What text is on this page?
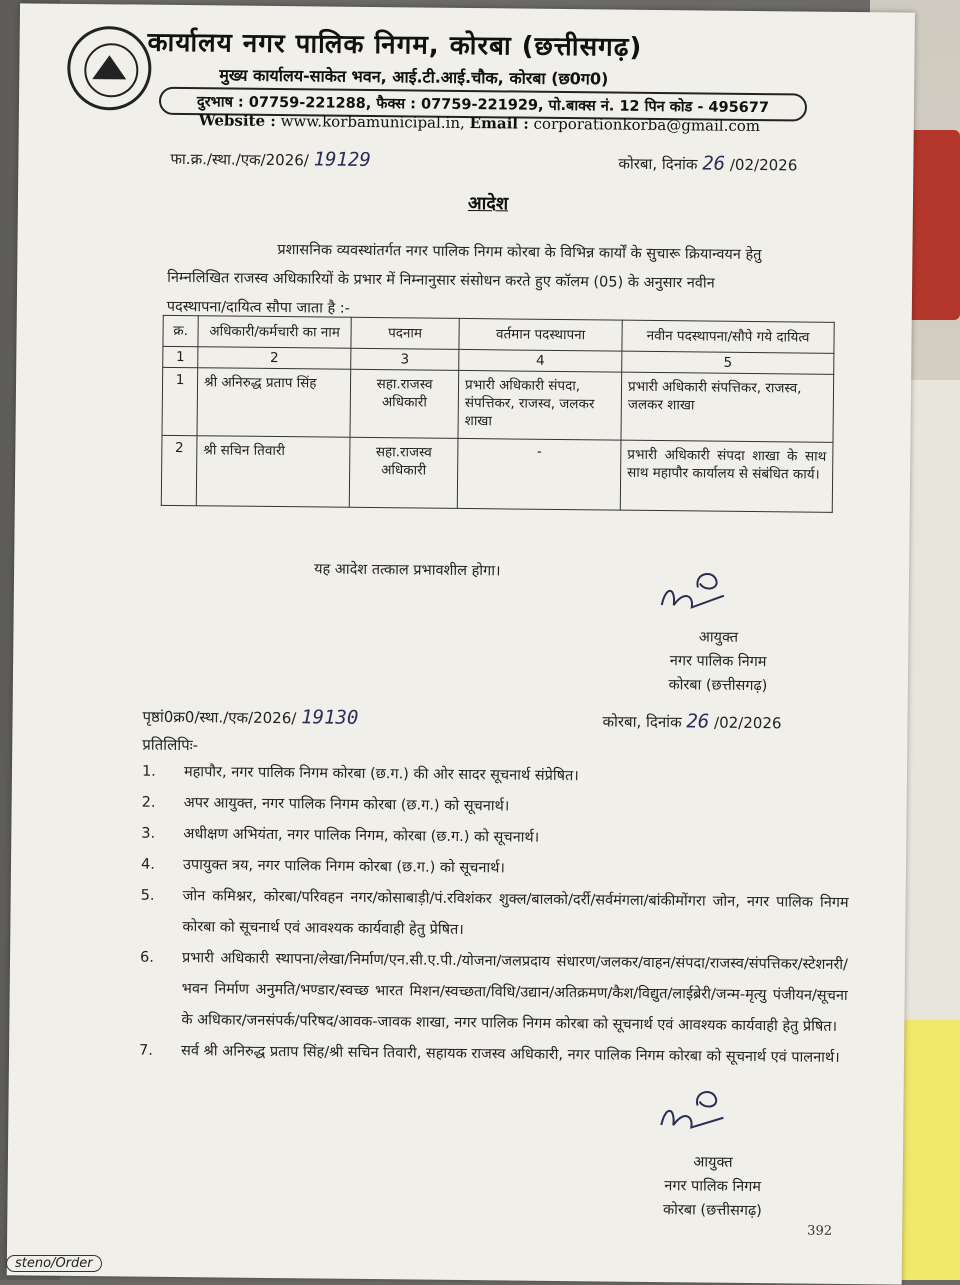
कार्यालय नगर पालिक निगम, कोरबा (छत्तीसगढ़)
मुख्य कार्यालय-साकेत भवन, आई.टी.आई.चौक, कोरबा (छ0ग0)
दुरभाष : 07759-221288, फैक्स : 07759-221929, पो.बाक्स नं. 12 पिन कोड - 495677
Website : www.korbamunicipal.in, Email : corporationkorba@gmail.com
फा.क्र./स्था./एक/2026/ 19129	कोरबा, दिनांक 26 /02/2026
आदेश
प्रशासनिक व्यवस्थांतर्गत नगर पालिक निगम कोरबा के विभिन्न कार्यों के सुचारू क्रियान्वयन हेतु
निम्नलिखित राजस्व अधिकारियों के प्रभार में निम्नानुसार संसोधन करते हुए कॉलम (05) के अनुसार नवीन
पदस्थापना/दायित्व सौपा जाता है :-
क्र.	अधिकारी/कर्मचारी का नाम	पदनाम	वर्तमान पदस्थापना	नवीन पदस्थापना/सौपे गये दायित्व
1	2	3	4	5
1	श्री अनिरुद्ध प्रताप सिंह	सहा.राजस्व अधिकारी	प्रभारी अधिकारी संपदा, संपत्तिकर, राजस्व, जलकर शाखा	प्रभारी अधिकारी संपत्तिकर, राजस्व, जलकर शाखा
2	श्री सचिन तिवारी	सहा.राजस्व अधिकारी	-	प्रभारी अधिकारी संपदा शाखा के साथ साथ महापौर कार्यालय से संबंधित कार्य।
यह आदेश तत्काल प्रभावशील होगा।
आयुक्त
नगर पालिक निगम
कोरबा (छत्तीसगढ़)
पृष्ठां0क्र0/स्था./एक/2026/ 19130	कोरबा, दिनांक 26 /02/2026
प्रतिलिपिः-
1. महापौर, नगर पालिक निगम कोरबा (छ.ग.) की ओर सादर सूचनार्थ संप्रेषित।
2. अपर आयुक्त, नगर पालिक निगम कोरबा (छ.ग.) को सूचनार्थ।
3. अधीक्षण अभियंता, नगर पालिक निगम, कोरबा (छ.ग.) को सूचनार्थ।
4. उपायुक्त त्रय, नगर पालिक निगम कोरबा (छ.ग.) को सूचनार्थ।
5. जोन कमिश्नर, कोरबा/परिवहन नगर/कोसाबाड़ी/पं.रविशंकर शुक्ल/बालको/दर्री/सर्वमंगला/बांकीमोंगरा जोन, नगर पालिक निगम कोरबा को सूचनार्थ एवं आवश्यक कार्यवाही हेतु प्रेषित।
6. प्रभारी अधिकारी स्थापना/लेखा/निर्माण/एन.सी.ए.पी./योजना/जलप्रदाय संधारण/जलकर/वाहन/संपदा/राजस्व/संपत्तिकर/स्टेशनरी/भवन निर्माण अनुमति/भण्डार/स्वच्छ भारत मिशन/स्वच्छता/विधि/उद्यान/अतिक्रमण/कैश/विद्युत/लाईब्रेरी/जन्म-मृत्यु पंजीयन/सूचना के अधिकार/जनसंपर्क/परिषद/आवक-जावक शाखा, नगर पालिक निगम कोरबा को सूचनार्थ एवं आवश्यक कार्यवाही हेतु प्रेषित।
7. सर्व श्री अनिरुद्ध प्रताप सिंह/श्री सचिन तिवारी, सहायक राजस्व अधिकारी, नगर पालिक निगम कोरबा को सूचनार्थ एवं पालनार्थ।
आयुक्त
नगर पालिक निगम
कोरबा (छत्तीसगढ़)
392
steno/Order
